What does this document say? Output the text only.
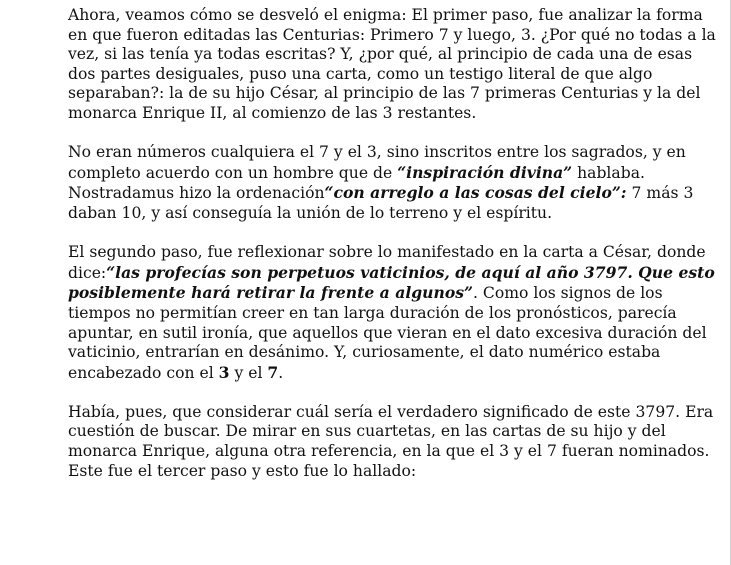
Ahora, veamos cómo se desveló el enigma: El primer paso, fue analizar la forma en que fueron editadas las Centurias: Primero 7 y luego, 3. ¿Por qué no todas a la vez, si las tenía ya todas escritas? Y, ¿por qué, al principio de cada una de esas dos partes desiguales, puso una carta, como un testigo literal de que algo separaban?: la de su hijo César, al principio de las 7 primeras Centurias y la del monarca Enrique II, al comienzo de las 3 restantes.

No eran números cualquiera el 7 y el 3, sino inscritos entre los sagrados, y en completo acuerdo con un hombre que de “inspiración divina” hablaba. Nostradamus hizo la ordenación“con arreglo a las cosas del cielo”: 7 más 3 daban 10, y así conseguía la unión de lo terreno y el espíritu.

El segundo paso, fue reflexionar sobre lo manifestado en la carta a César, donde dice:“las profecías son perpetuos vaticinios, de aquí al año 3797. Que esto posiblemente hará retirar la frente a algunos”. Como los signos de los tiempos no permitían creer en tan larga duración de los pronósticos, parecía apuntar, en sutil ironía, que aquellos que vieran en el dato excesiva duración del vaticinio, entrarían en desánimo. Y, curiosamente, el dato numérico estaba encabezado con el 3 y el 7.

Había, pues, que considerar cuál sería el verdadero significado de este 3797. Era cuestión de buscar. De mirar en sus cuartetas, en las cartas de su hijo y del monarca Enrique, alguna otra referencia, en la que el 3 y el 7 fueran nominados. Este fue el tercer paso y esto fue lo hallado:
